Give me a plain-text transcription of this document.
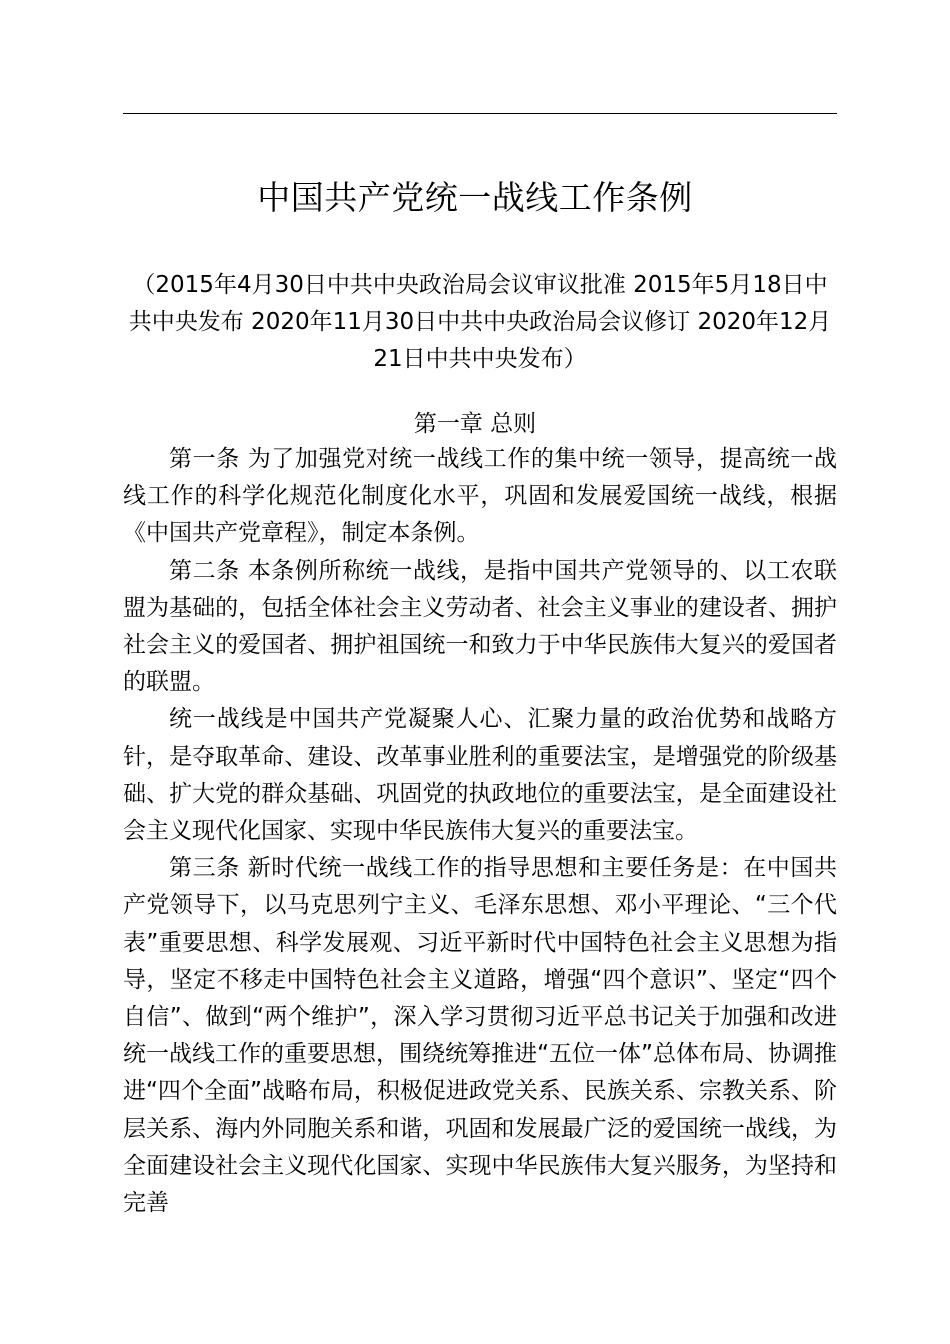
中国共产党统一战线工作条例
（2015年4月30日中共中央政治局会议审议批准 2015年5月18日中共中央发布 2020年11月30日中共中央政治局会议修订 2020年12月21日中共中央发布）
第一章 总则

第一条 为了加强党对统一战线工作的集中统一领导，提高统一战线工作的科学化规范化制度化水平，巩固和发展爱国统一战线，根据《中国共产党章程》，制定本条例。

第二条 本条例所称统一战线，是指中国共产党领导的、以工农联盟为基础的，包括全体社会主义劳动者、社会主义事业的建设者、拥护社会主义的爱国者、拥护祖国统一和致力于中华民族伟大复兴的爱国者的联盟。

统一战线是中国共产党凝聚人心、汇聚力量的政治优势和战略方针，是夺取革命、建设、改革事业胜利的重要法宝，是增强党的阶级基础、扩大党的群众基础、巩固党的执政地位的重要法宝，是全面建设社会主义现代化国家、实现中华民族伟大复兴的重要法宝。

第三条 新时代统一战线工作的指导思想和主要任务是：在中国共产党领导下，以马克思列宁主义、毛泽东思想、邓小平理论、“三个代表”重要思想、科学发展观、习近平新时代中国特色社会主义思想为指导，坚定不移走中国特色社会主义道路，增强“四个意识”、坚定“四个自信”、做到“两个维护”，深入学习贯彻习近平总书记关于加强和改进统一战线工作的重要思想，围绕统筹推进“五位一体”总体布局、协调推进“四个全面”战略布局，积极促进政党关系、民族关系、宗教关系、阶层关系、海内外同胞关系和谐，巩固和发展最广泛的爱国统一战线，为全面建设社会主义现代化国家、实现中华民族伟大复兴服务，为坚持和完善
